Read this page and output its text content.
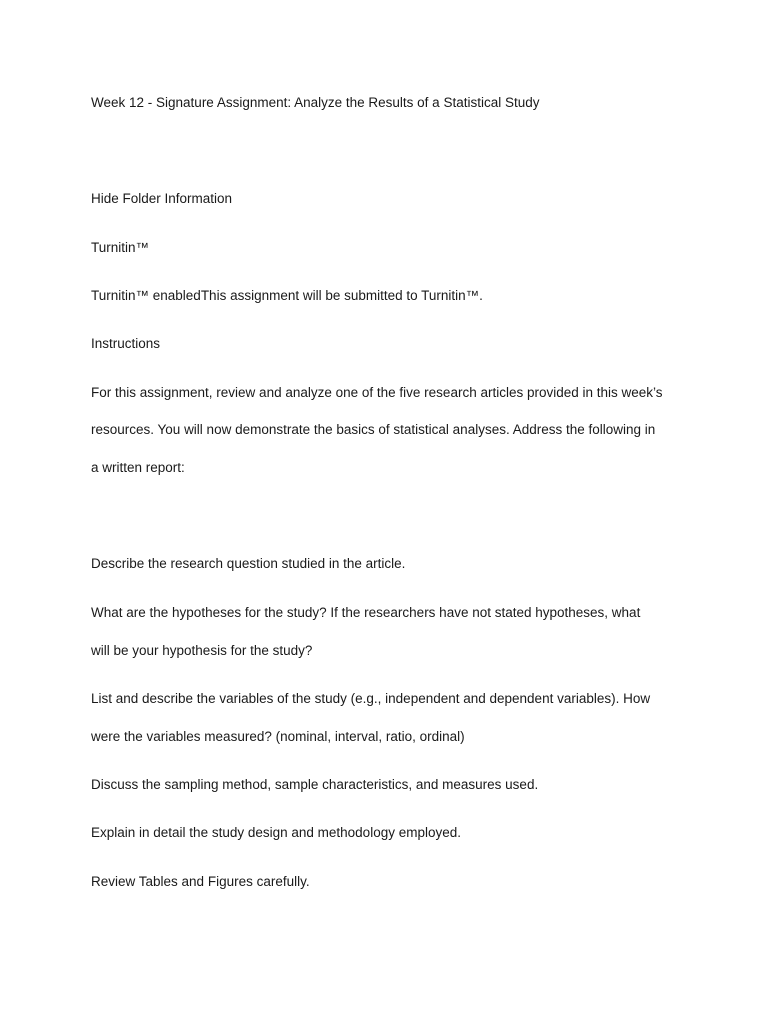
Week 12 - Signature Assignment: Analyze the Results of a Statistical Study

Hide Folder Information

Turnitin™

Turnitin™ enabledThis assignment will be submitted to Turnitin™.

Instructions

For this assignment, review and analyze one of the five research articles provided in this week’s

resources. You will now demonstrate the basics of statistical analyses. Address the following in

a written report:

Describe the research question studied in the article.

What are the hypotheses for the study? If the researchers have not stated hypotheses, what

will be your hypothesis for the study?

List and describe the variables of the study (e.g., independent and dependent variables). How

were the variables measured? (nominal, interval, ratio, ordinal)

Discuss the sampling method, sample characteristics, and measures used.

Explain in detail the study design and methodology employed.

Review Tables and Figures carefully.
